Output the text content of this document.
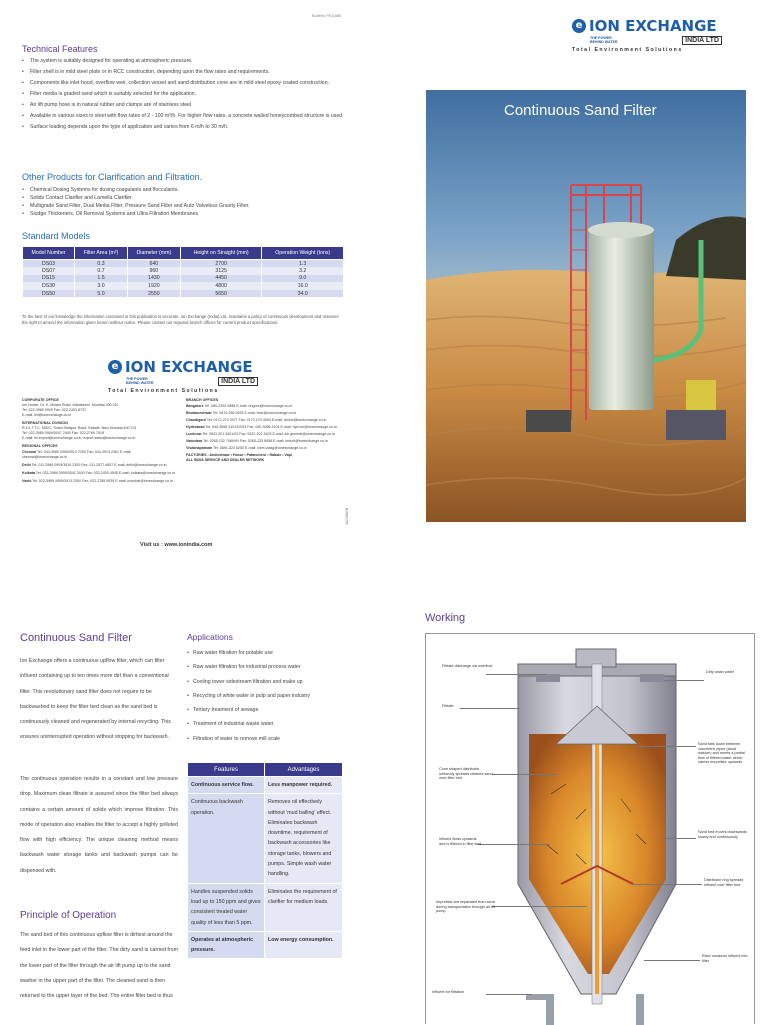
Bulletin PED486
e ION EXCHANGE
THE POWER
BEHIND WATER	INDIA LTD
Total Environment Solutions
Technical Features
• The system is suitably designed for operating at atmospheric pressure.
• Filter shell is in mild steel plate or in RCC construction, depending upon the flow rates and requirements.
• Components like inlet hood, overflow weir, collection vessel and sand distribution cone are in mild steel epoxy coated construction.
• Filter media is graded sand which is suitably selected for the application.
• Air lift pump hose is in natural rubber and clamps are of stainless steel.
• Available in various sizes in steel with flow rates of 2 - 100 m³/h. For higher flow rates, a concrete walled honeycombed structure is used.
• Surface loading depends upon the type of application and varies from 6 m/h to 30 m/h.
Other Products for Clarification and Filtration.
• Chemical Dosing Systems for dosing coagulants and flocculants.
• Solids Contact Clarifier and Lamella Clarifier.
• Multigrade Sand Filter, Dual Media Filter, Pressure Sand Filter and Auto Valveless Gravity Filter.
• Sludge Thickeners, Oil Removal Systems and Ultra Filtration Membranes.
Standard Models
Model Number	Filter Area (m²)	Diameter (mm)	Height on Straight (mm)	Operation Weight (tons)
DS03	0.3	640	2700	1.3
DS07	0.7	960	3125	3.2
DS15	1.5	1430	4450	9.0
DS30	3.0	1920	4800	16.0
DS50	5.0	2550	5650	34.0
To the best of our knowledge the information contained in this publication is accurate. Ion Exchange (India) Ltd. maintains a policy of continuous development and reserves the right to amend the information given herein without notice. Please contact our regional branch offices for current product specifications.
e ION EXCHANGE
THE POWER
BEHIND WATER	INDIA LTD
Total Environment Solutions
CORPORATE OFFICE
Ion House, Dr. E. Moses Road, Mahalaxmi, Mumbai 400 011
Tel: 022-3989 0909 Fax: 022-2493 8737
E-mail: ieil@ionexchange.co.in
INTERNATIONAL DIVISION
R-14, T.T.C. MIDC, Thane Belapur Road, Rabale, Navi Mumbai 400 701
Tel: 022-3989 0909/3047 2400 Fax: 022-2769 7918
E-mail: iel.export@ionexchange.co.in, export.sales@ionexchange.co.in
REGIONAL OFFICES
Chennai Tel: 044-3989 0909/3913 2300 Fax: 044-3913 2361 E-mail: chennai@ionexchange.co.in
Delhi Tel: 011-2989 0909/3916 2300 Fax: 011-2577 4657 E-mail: delhi@ionexchange.co.in
Kolkata Tel: 033-3989 0909/3042 2400 Fax: 033-2400 4545 E-mail: kolkata@ionexchange.co.in
Vashi Tel: 022-3989 0909/3913 2300 Fax: 022-2788 9939 E-mail: mumbai@ionexchange.co.in
BRANCH OFFICES
Bangalore Tel: 080-2204 2888 E-mail: bngore@ionexchange.co.in
Bhubaneshwar Tel: 0674-256 9525 E-mail: bbsr@ionexchange.co.in
Chandigarh Tel: 0172-274 0977 Fax: 0172-274 4594 E-mail: delcor@ionexchange.co.in
Hyderabad Tel: 040-3066 3101/02/03 Fax: 040-3066 3104 E-mail: hyd.ion@ionexchange.co.in
Lucknow Tel: 0522-201 3401/02 Fax: 0522-201 3403 E-mail: luk.general@ionexchange.co.in
Vadodara Tel: 0265-232 7489/90 Fax: 0265-233 8958 E-mail: hrdcnt@ionexchange.co.in
Visakhapatnam Tel: 0891-324 6250 E-mail: ixbm.vizag@ionexchange.co.in
FACTORIES : Ankleshwar • Hosur • Patancheru • Rabale • Vapi
ALL INDIA SERVICE AND DEALER NETWORK
Visit us : www.ionindia.com
11/2/8/AB
Continuous Sand Filter
Continuous Sand Filter
Ion Exchange offers a continuous upflow filter, which can filter influent containing up to ten times more dirt than a conventional filter. This revolutionary sand filter does not require to be backwashed to keep the filter bed clean as the sand bed is continuously cleaned and regenerated by internal recycling. This ensures uninterrupted operation without stopping for backwash.
The continuous operation results in a constant and low pressure drop. Maximum clean filtrate is assured since the filter bed always contains a certain amount of solids which improve filtration. This mode of operation also enables the filter to accept a highly polluted flow with high efficiency. The unique cleaning method means backwash water storage tanks and backwash pumps can be dispensed with.
Principle of Operation
The sand bed of this continuous upflow filter is dirtiest around the feed inlet in the lower part of the filter. The dirty sand is carried from the lower part of the filter through the air lift pump up to the sand washer in the upper part of the filter. The cleaned sand is then returned to the upper layer of the bed. The entire filter bed is thus
Applications
• Raw water filtration for potable use
• Raw water filtration for industrial process water
• Cooling tower sidestream filtration and make up
• Recycling of white water in pulp and paper industry
• Tertiary treatment of sewage
• Treatment of industrial waste water
• Filtration of water to remove mill scale
Features	Advantages
Continuous service flow.	Less manpower required.
Continuous backwash operation.	Removes oil effectively without 'mud balling' effect. Eliminates backwash downtime, requirement of backwash accessories like storage tanks, blowers and pumps. Simple wash water handling.
Handles suspended solids load up to 150 ppm and gives consistent treated water quality of less than 5 ppm.	Eliminates the requirement of clarifier for medium loads.
Operates at atmospheric pressure.	Low energy consumption.
Working
Filtrate discharge via overflow
Dirty wash water
Filtrate
Sand falls down between concentric pipes (sand washer) and meets a partial flow of filtered water which carries impurities upwards
Cone shaped distributor uniformly spreads cleaned sand over filter bed
Sand bed moves downwards slowly and continuously
Influent flows upwards and is filtered in filter bed
Distributor ring spreads influent over filter bed
Impurities are separated from sand during transportation through air lift pump
Riser conducts influent into filter
Influent for filtration
